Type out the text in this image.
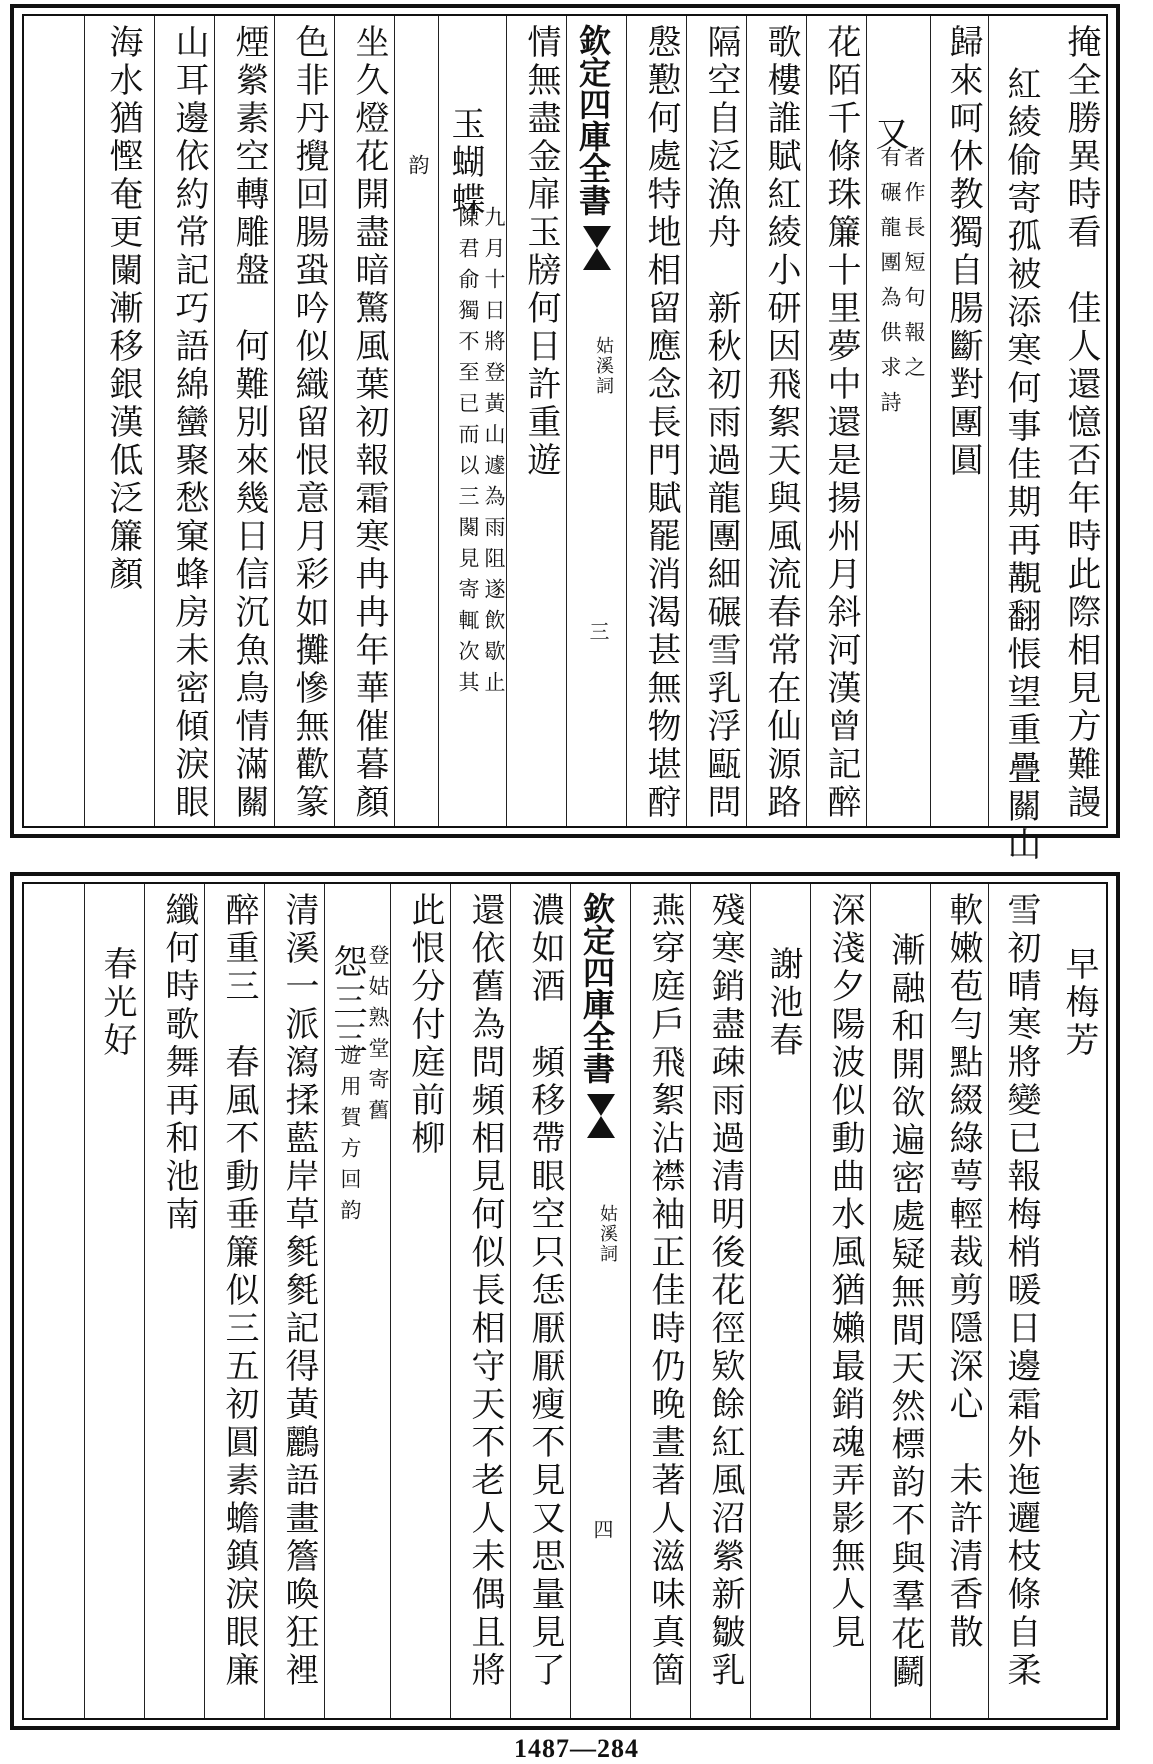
掩全勝異時看　佳人還憶否年時此際相見方難謾
紅綾偷寄孤被添寒何事佳期再覯翻悵望重疊關山
歸來呵休教獨自腸斷對團圓
又
有碾龍團為供求詩 者作長短句報之
花陌千條珠簾十里夢中還是揚州月斜河漢曾記醉
歌樓誰賦紅綾小研因飛絮天與風流春常在仙源路
隔空自泛漁舟　新秋初雨過龍團細碾雪乳浮甌問
慇懃何處特地相留應念長門賦罷消渴甚無物堪酧
欽定四庫全書
姑溪詞
三
情無盡金扉玉牓何日許重遊
玉蝴蝶
九月十日將登黃山遽為雨阻遂飲歇止
陳君俞獨不至已而以三闋見寄輒次其
韵
坐久燈花開盡暗驚風葉初報霜寒冉冉年華催暮顏
色非丹攪回腸蛩吟似織留恨意月彩如攤慘無歡篆
煙縈素空轉雕盤　何難別來幾日信沉魚鳥情滿關
山耳邊依約常記巧語綿蠻聚愁窠蜂房未密傾淚眼
海水猶慳奄更闌漸移銀漢低泛簾顏
早梅芳
雪初晴寒將變已報梅梢暖日邊霜外迤邐枝條自柔
軟嫩苞勻點綴綠萼輕裁剪隱深心　未許清香散
漸融和開欲遍密處疑無間天然標韵不與羣花鬬
深淺夕陽波似動曲水風猶嬾最銷魂弄影無人見
謝池春
殘寒銷盡疎雨過清明後花徑欵餘紅風沼縈新皺乳
燕穿庭戶飛絮沾襟袖正佳時仍晚晝著人滋味真箇
欽定四庫全書
姑溪詞
四
濃如酒　頻移帶眼空只恁厭厭瘦不見又思量見了
還依舊為問頻相見何似長相守天不老人未偶且將
此恨分付庭前柳
怨三三 登姑熟堂寄舊
遊用賀方回韵
清溪一派瀉揉藍岸草毿毿記得黃鸝語畫簷喚狂裡
醉重三　春風不動垂簾似三五初圓素蟾鎮淚眼廉
纖何時歌舞再和池南
春光好
1487—284
